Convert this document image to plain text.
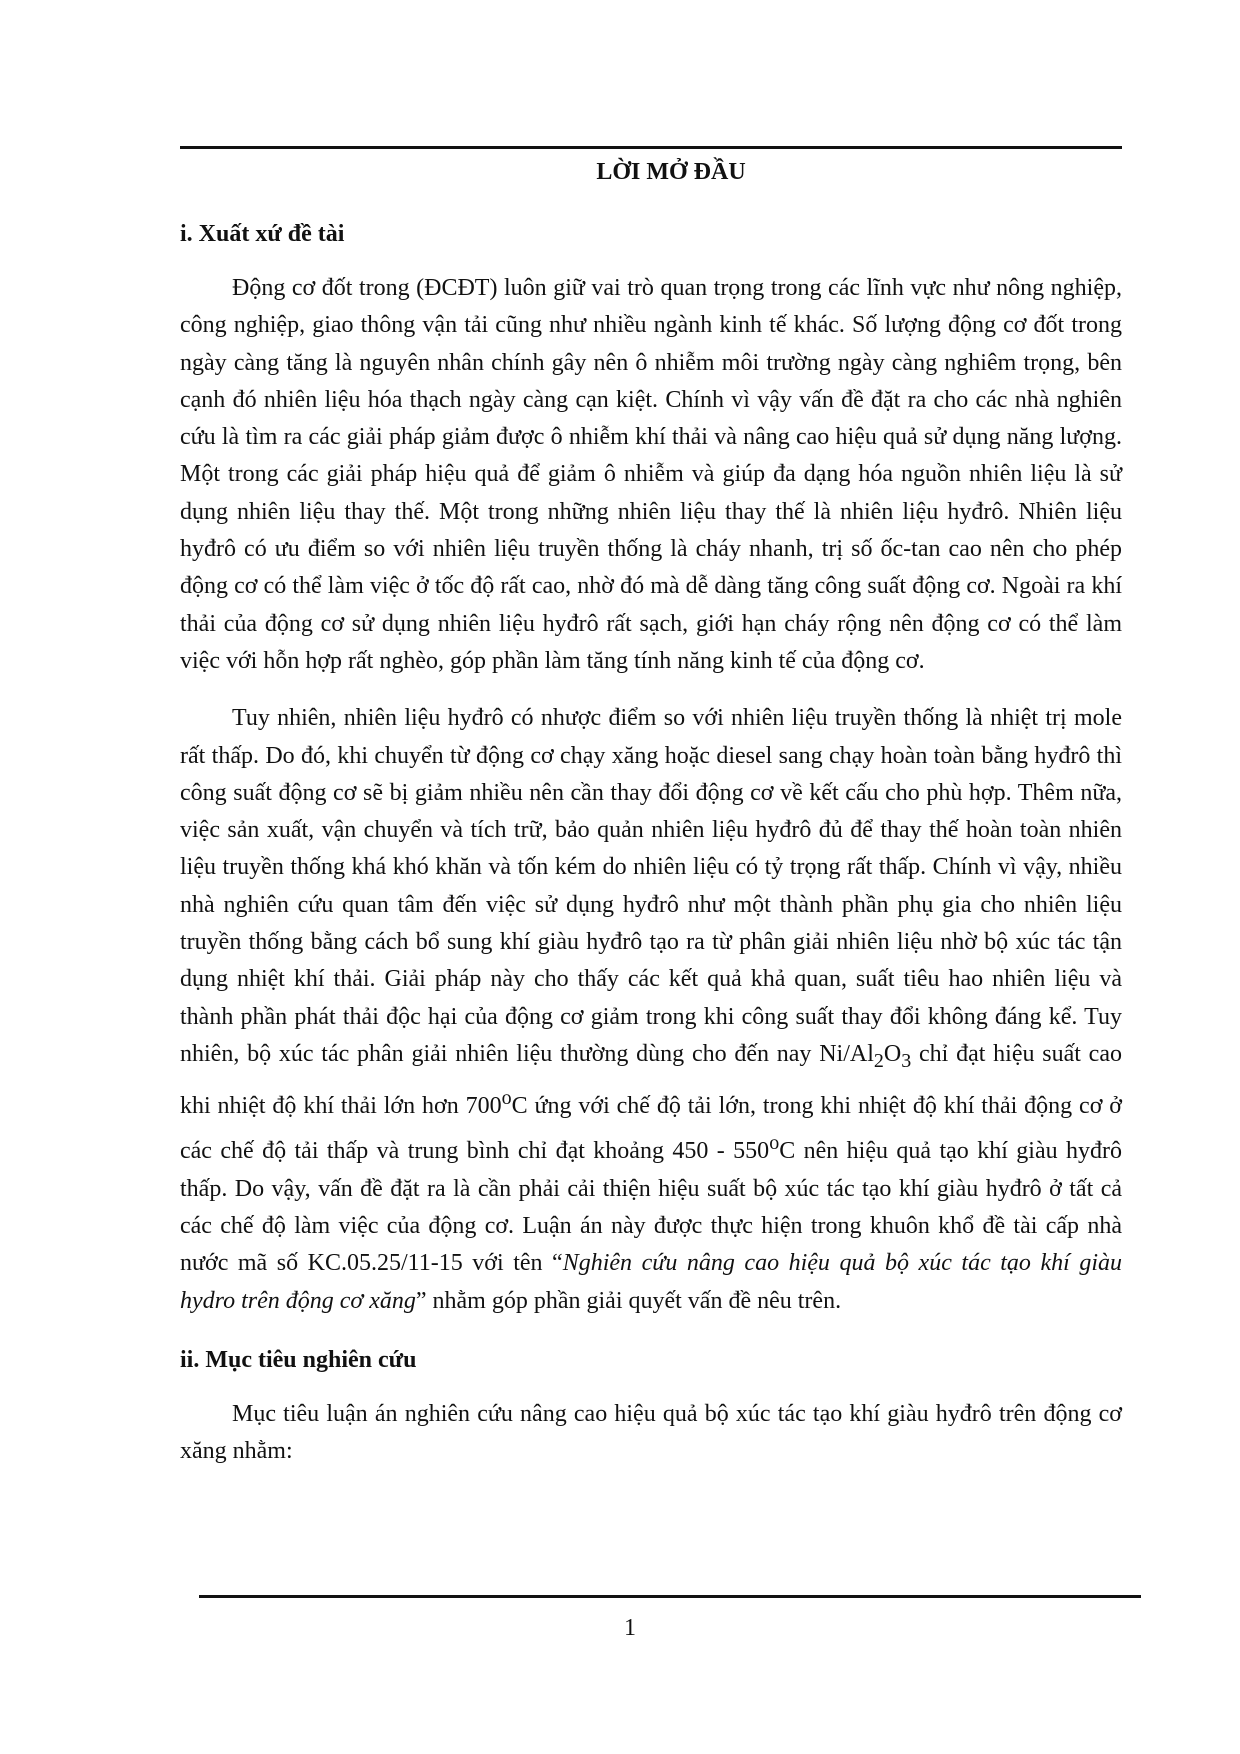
LỜI MỞ ĐẦU
i. Xuất xứ đề tài

Động cơ đốt trong (ĐCĐT) luôn giữ vai trò quan trọng trong các lĩnh vực như nông nghiệp, công nghiệp, giao thông vận tải cũng như nhiều ngành kinh tế khác. Số lượng động cơ đốt trong ngày càng tăng là nguyên nhân chính gây nên ô nhiễm môi trường ngày càng nghiêm trọng, bên cạnh đó nhiên liệu hóa thạch ngày càng cạn kiệt. Chính vì vậy vấn đề đặt ra cho các nhà nghiên cứu là tìm ra các giải pháp giảm được ô nhiễm khí thải và nâng cao hiệu quả sử dụng năng lượng. Một trong các giải pháp hiệu quả để giảm ô nhiễm và giúp đa dạng hóa nguồn nhiên liệu là sử dụng nhiên liệu thay thế. Một trong những nhiên liệu thay thế là nhiên liệu hyđrô. Nhiên liệu hyđrô có ưu điểm so với nhiên liệu truyền thống là cháy nhanh, trị số ốc-tan cao nên cho phép động cơ có thể làm việc ở tốc độ rất cao, nhờ đó mà dễ dàng tăng công suất động cơ. Ngoài ra khí thải của động cơ sử dụng nhiên liệu hyđrô rất sạch, giới hạn cháy rộng nên động cơ có thể làm việc với hỗn hợp rất nghèo, góp phần làm tăng tính năng kinh tế của động cơ.

Tuy nhiên, nhiên liệu hyđrô có nhược điểm so với nhiên liệu truyền thống là nhiệt trị mole rất thấp. Do đó, khi chuyển từ động cơ chạy xăng hoặc diesel sang chạy hoàn toàn bằng hyđrô thì công suất động cơ sẽ bị giảm nhiều nên cần thay đổi động cơ về kết cấu cho phù hợp. Thêm nữa, việc sản xuất, vận chuyển và tích trữ, bảo quản nhiên liệu hyđrô đủ để thay thế hoàn toàn nhiên liệu truyền thống khá khó khăn và tốn kém do nhiên liệu có tỷ trọng rất thấp. Chính vì vậy, nhiều nhà nghiên cứu quan tâm đến việc sử dụng hyđrô như một thành phần phụ gia cho nhiên liệu truyền thống bằng cách bổ sung khí giàu hyđrô tạo ra từ phân giải nhiên liệu nhờ bộ xúc tác tận dụng nhiệt khí thải. Giải pháp này cho thấy các kết quả khả quan, suất tiêu hao nhiên liệu và thành phần phát thải độc hại của động cơ giảm trong khi công suất thay đổi không đáng kể. Tuy nhiên, bộ xúc tác phân giải nhiên liệu thường dùng cho đến nay $Ni/Al_2O_3$ chỉ đạt hiệu suất cao khi nhiệt độ khí thải lớn hơn 700$^o$C ứng với chế độ tải lớn, trong khi nhiệt độ khí thải động cơ ở các chế độ tải thấp và trung bình chỉ đạt khoảng 450 - 550$^o$C nên hiệu quả tạo khí giàu hyđrô thấp. Do vậy, vấn đề đặt ra là cần phải cải thiện hiệu suất bộ xúc tác tạo khí giàu hyđrô ở tất cả các chế độ làm việc của động cơ. Luận án này được thực hiện trong khuôn khổ đề tài cấp nhà nước mã số KC.05.25/11-15 với tên “Nghiên cứu nâng cao hiệu quả bộ xúc tác tạo khí giàu hydro trên động cơ xăng” nhằm góp phần giải quyết vấn đề nêu trên.

ii. Mục tiêu nghiên cứu

Mục tiêu luận án nghiên cứu nâng cao hiệu quả bộ xúc tác tạo khí giàu hyđrô trên động cơ xăng nhằm:

1
